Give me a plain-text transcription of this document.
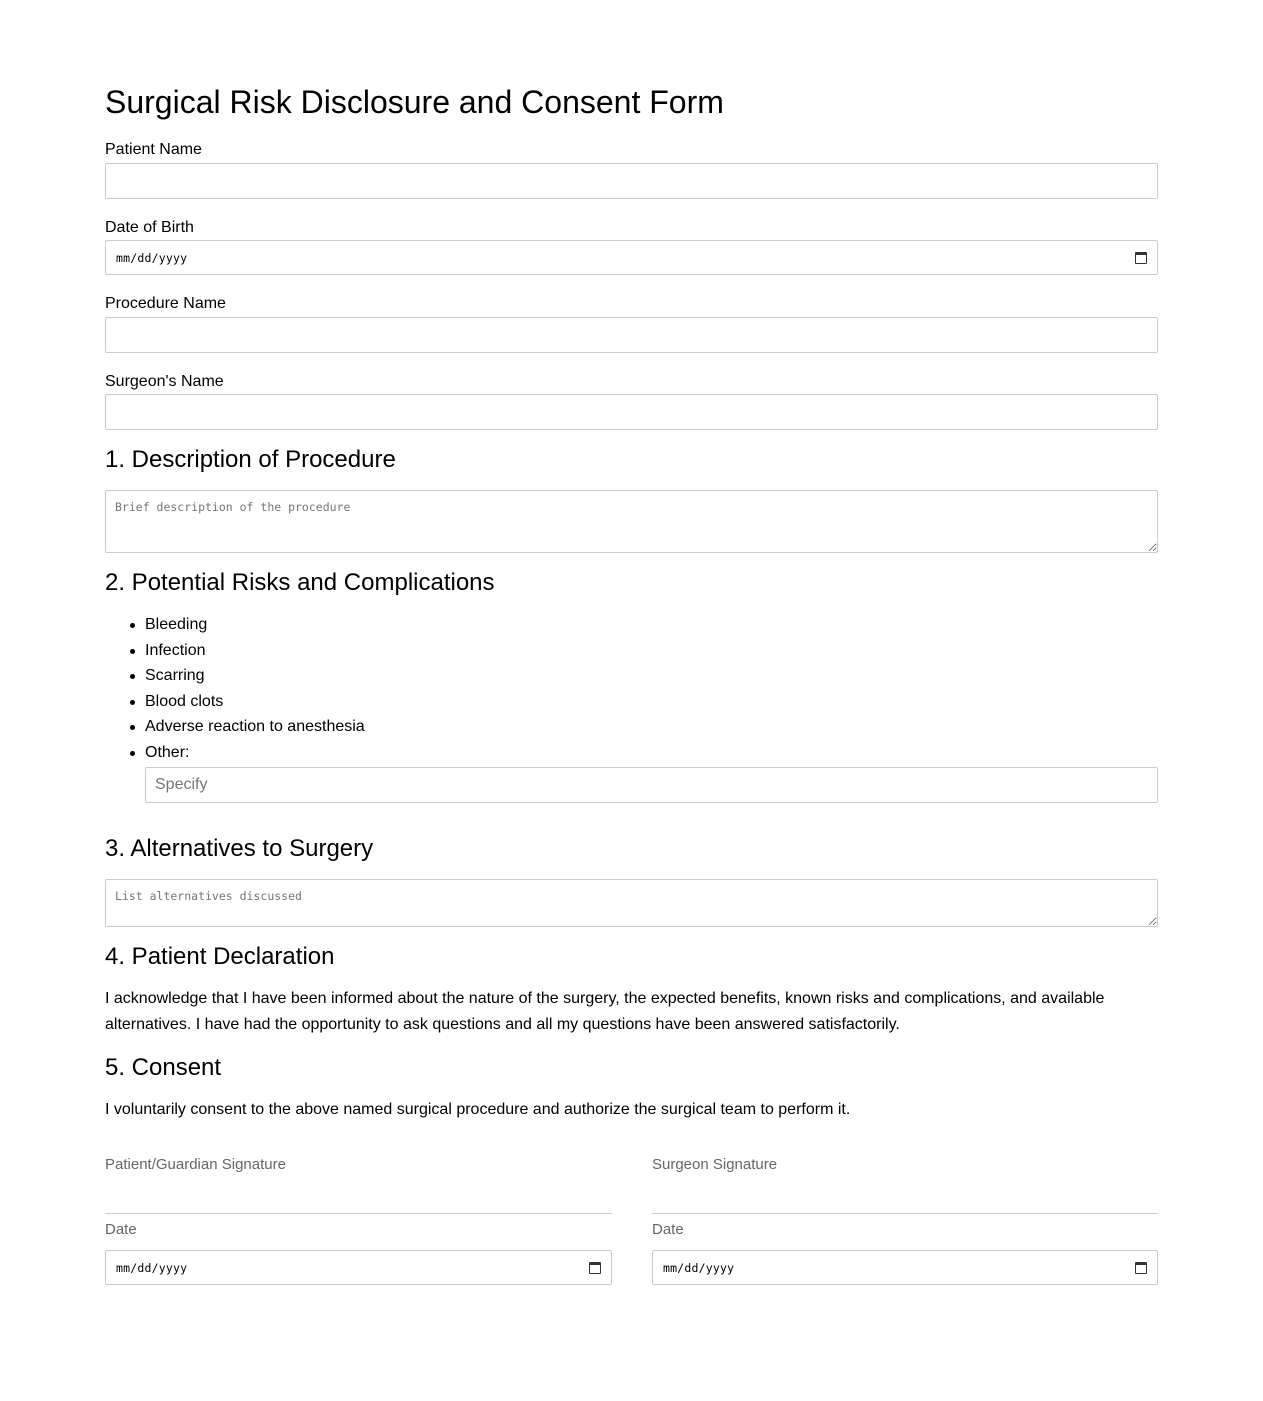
Surgical Risk Disclosure and Consent Form
Patient Name
Date of Birth
mm/dd/yyyy
Procedure Name
Surgeon's Name
1. Description of Procedure
Brief description of the procedure
2. Potential Risks and Complications
Bleeding
Infection
Scarring
Blood clots
Adverse reaction to anesthesia
Other:
Specify
3. Alternatives to Surgery
List alternatives discussed
4. Patient Declaration

I acknowledge that I have been informed about the nature of the surgery, the expected benefits, known risks and complications, and available alternatives. I have had the opportunity to ask questions and all my questions have been answered satisfactorily.

5. Consent

I voluntarily consent to the above named surgical procedure and authorize the surgical team to perform it.

Patient/Guardian Signature
Date
mm/dd/yyyy
Surgeon Signature
Date
mm/dd/yyyy
